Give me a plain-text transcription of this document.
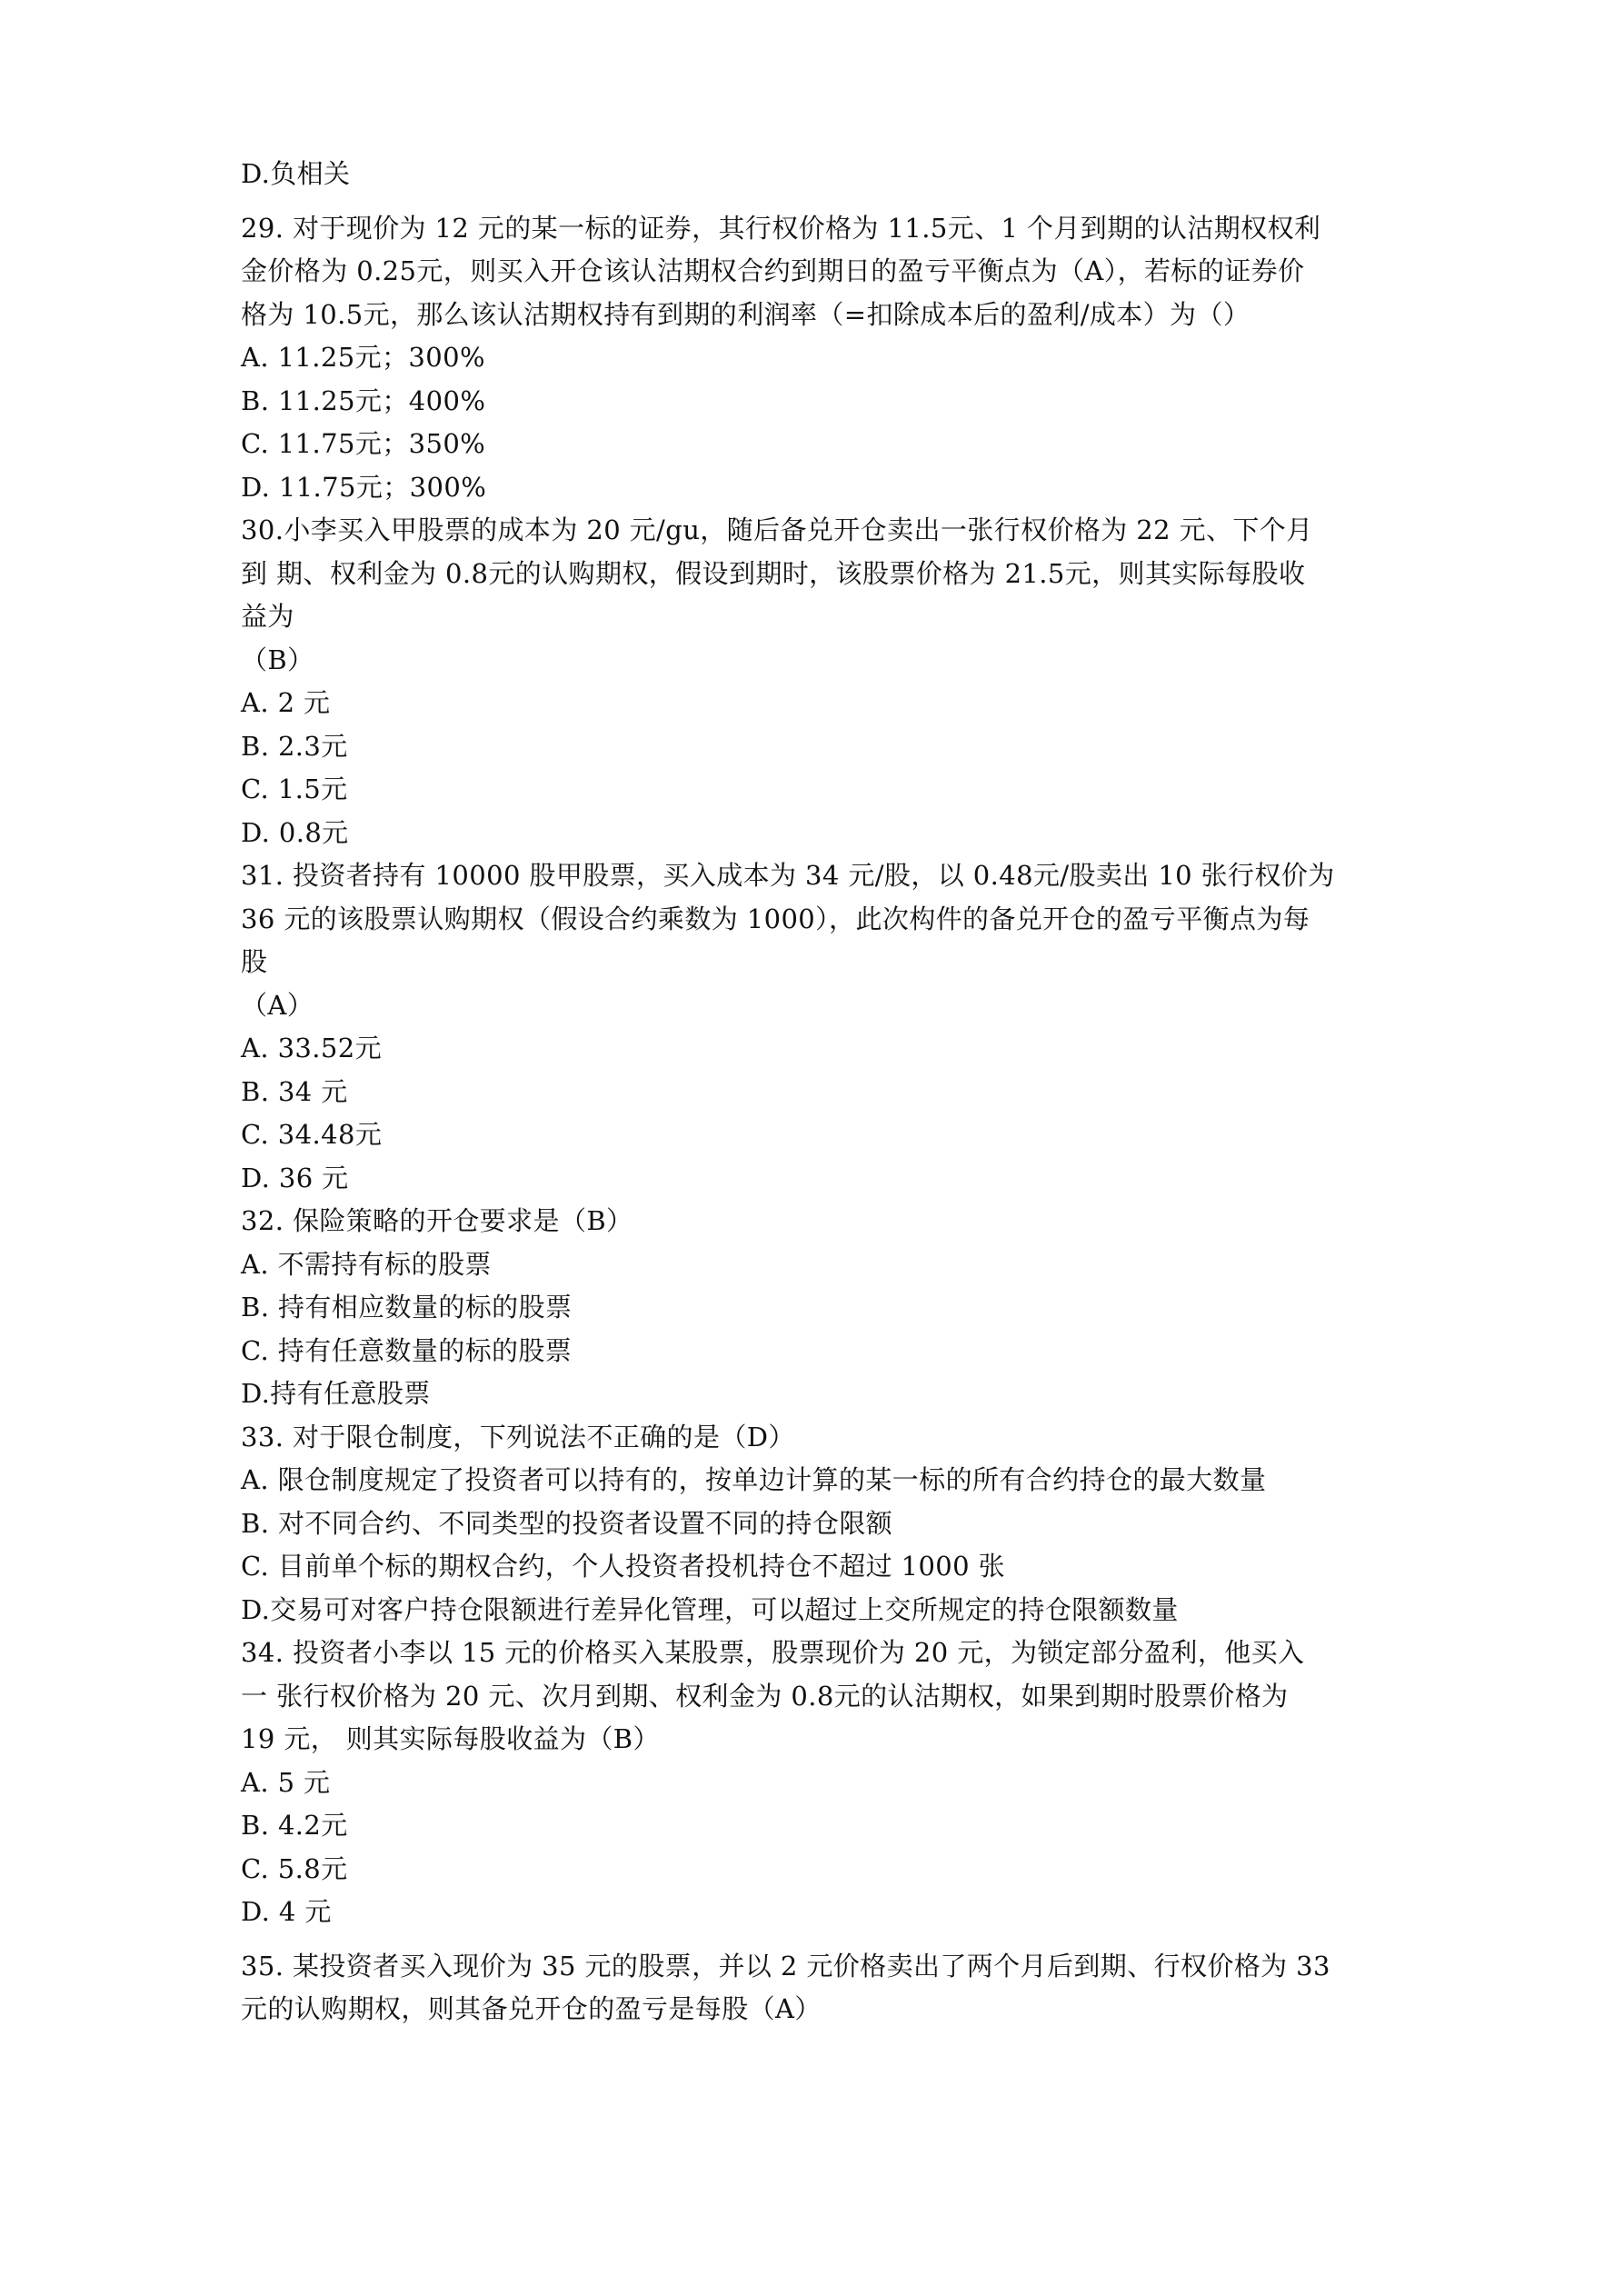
D.负相关
29. 对于现价为 12 元的某一标的证券，其行权价格为 11.5元、1 个月到期的认沽期权权利
金价格为 0.25元，则买入开仓该认沽期权合约到期日的盈亏平衡点为（A），若标的证券价
格为 10.5元，那么该认沽期权持有到期的利润率（=扣除成本后的盈利/成本）为（）
A. 11.25元；300%
B. 11.25元；400%
C. 11.75元；350%
D. 11.75元；300%
30.小李买入甲股票的成本为 20 元/gu，随后备兑开仓卖出一张行权价格为 22 元、下个月
到 期、权利金为 0.8元的认购期权，假设到期时，该股票价格为 21.5元，则其实际每股收
益为
（B）
A. 2 元
B. 2.3元
C. 1.5元
D. 0.8元
31. 投资者持有 10000 股甲股票，买入成本为 34 元/股，以 0.48元/股卖出 10 张行权价为
36 元的该股票认购期权（假设合约乘数为 1000），此次构件的备兑开仓的盈亏平衡点为每
股
（A）
A. 33.52元
B. 34 元
C. 34.48元
D. 36 元
32. 保险策略的开仓要求是（B）
A. 不需持有标的股票
B. 持有相应数量的标的股票
C. 持有任意数量的标的股票
D.持有任意股票
33. 对于限仓制度，下列说法不正确的是（D）
A. 限仓制度规定了投资者可以持有的，按单边计算的某一标的所有合约持仓的最大数量
B. 对不同合约、不同类型的投资者设置不同的持仓限额
C. 目前单个标的期权合约，个人投资者投机持仓不超过 1000 张
D.交易可对客户持仓限额进行差异化管理，可以超过上交所规定的持仓限额数量
34. 投资者小李以 15 元的价格买入某股票，股票现价为 20 元，为锁定部分盈利，他买入
一 张行权价格为 20 元、次月到期、权利金为 0.8元的认沽期权，如果到期时股票价格为
19 元， 则其实际每股收益为（B）
A. 5 元
B. 4.2元
C. 5.8元
D. 4 元
35. 某投资者买入现价为 35 元的股票，并以 2 元价格卖出了两个月后到期、行权价格为 33
元的认购期权，则其备兑开仓的盈亏是每股（A）
